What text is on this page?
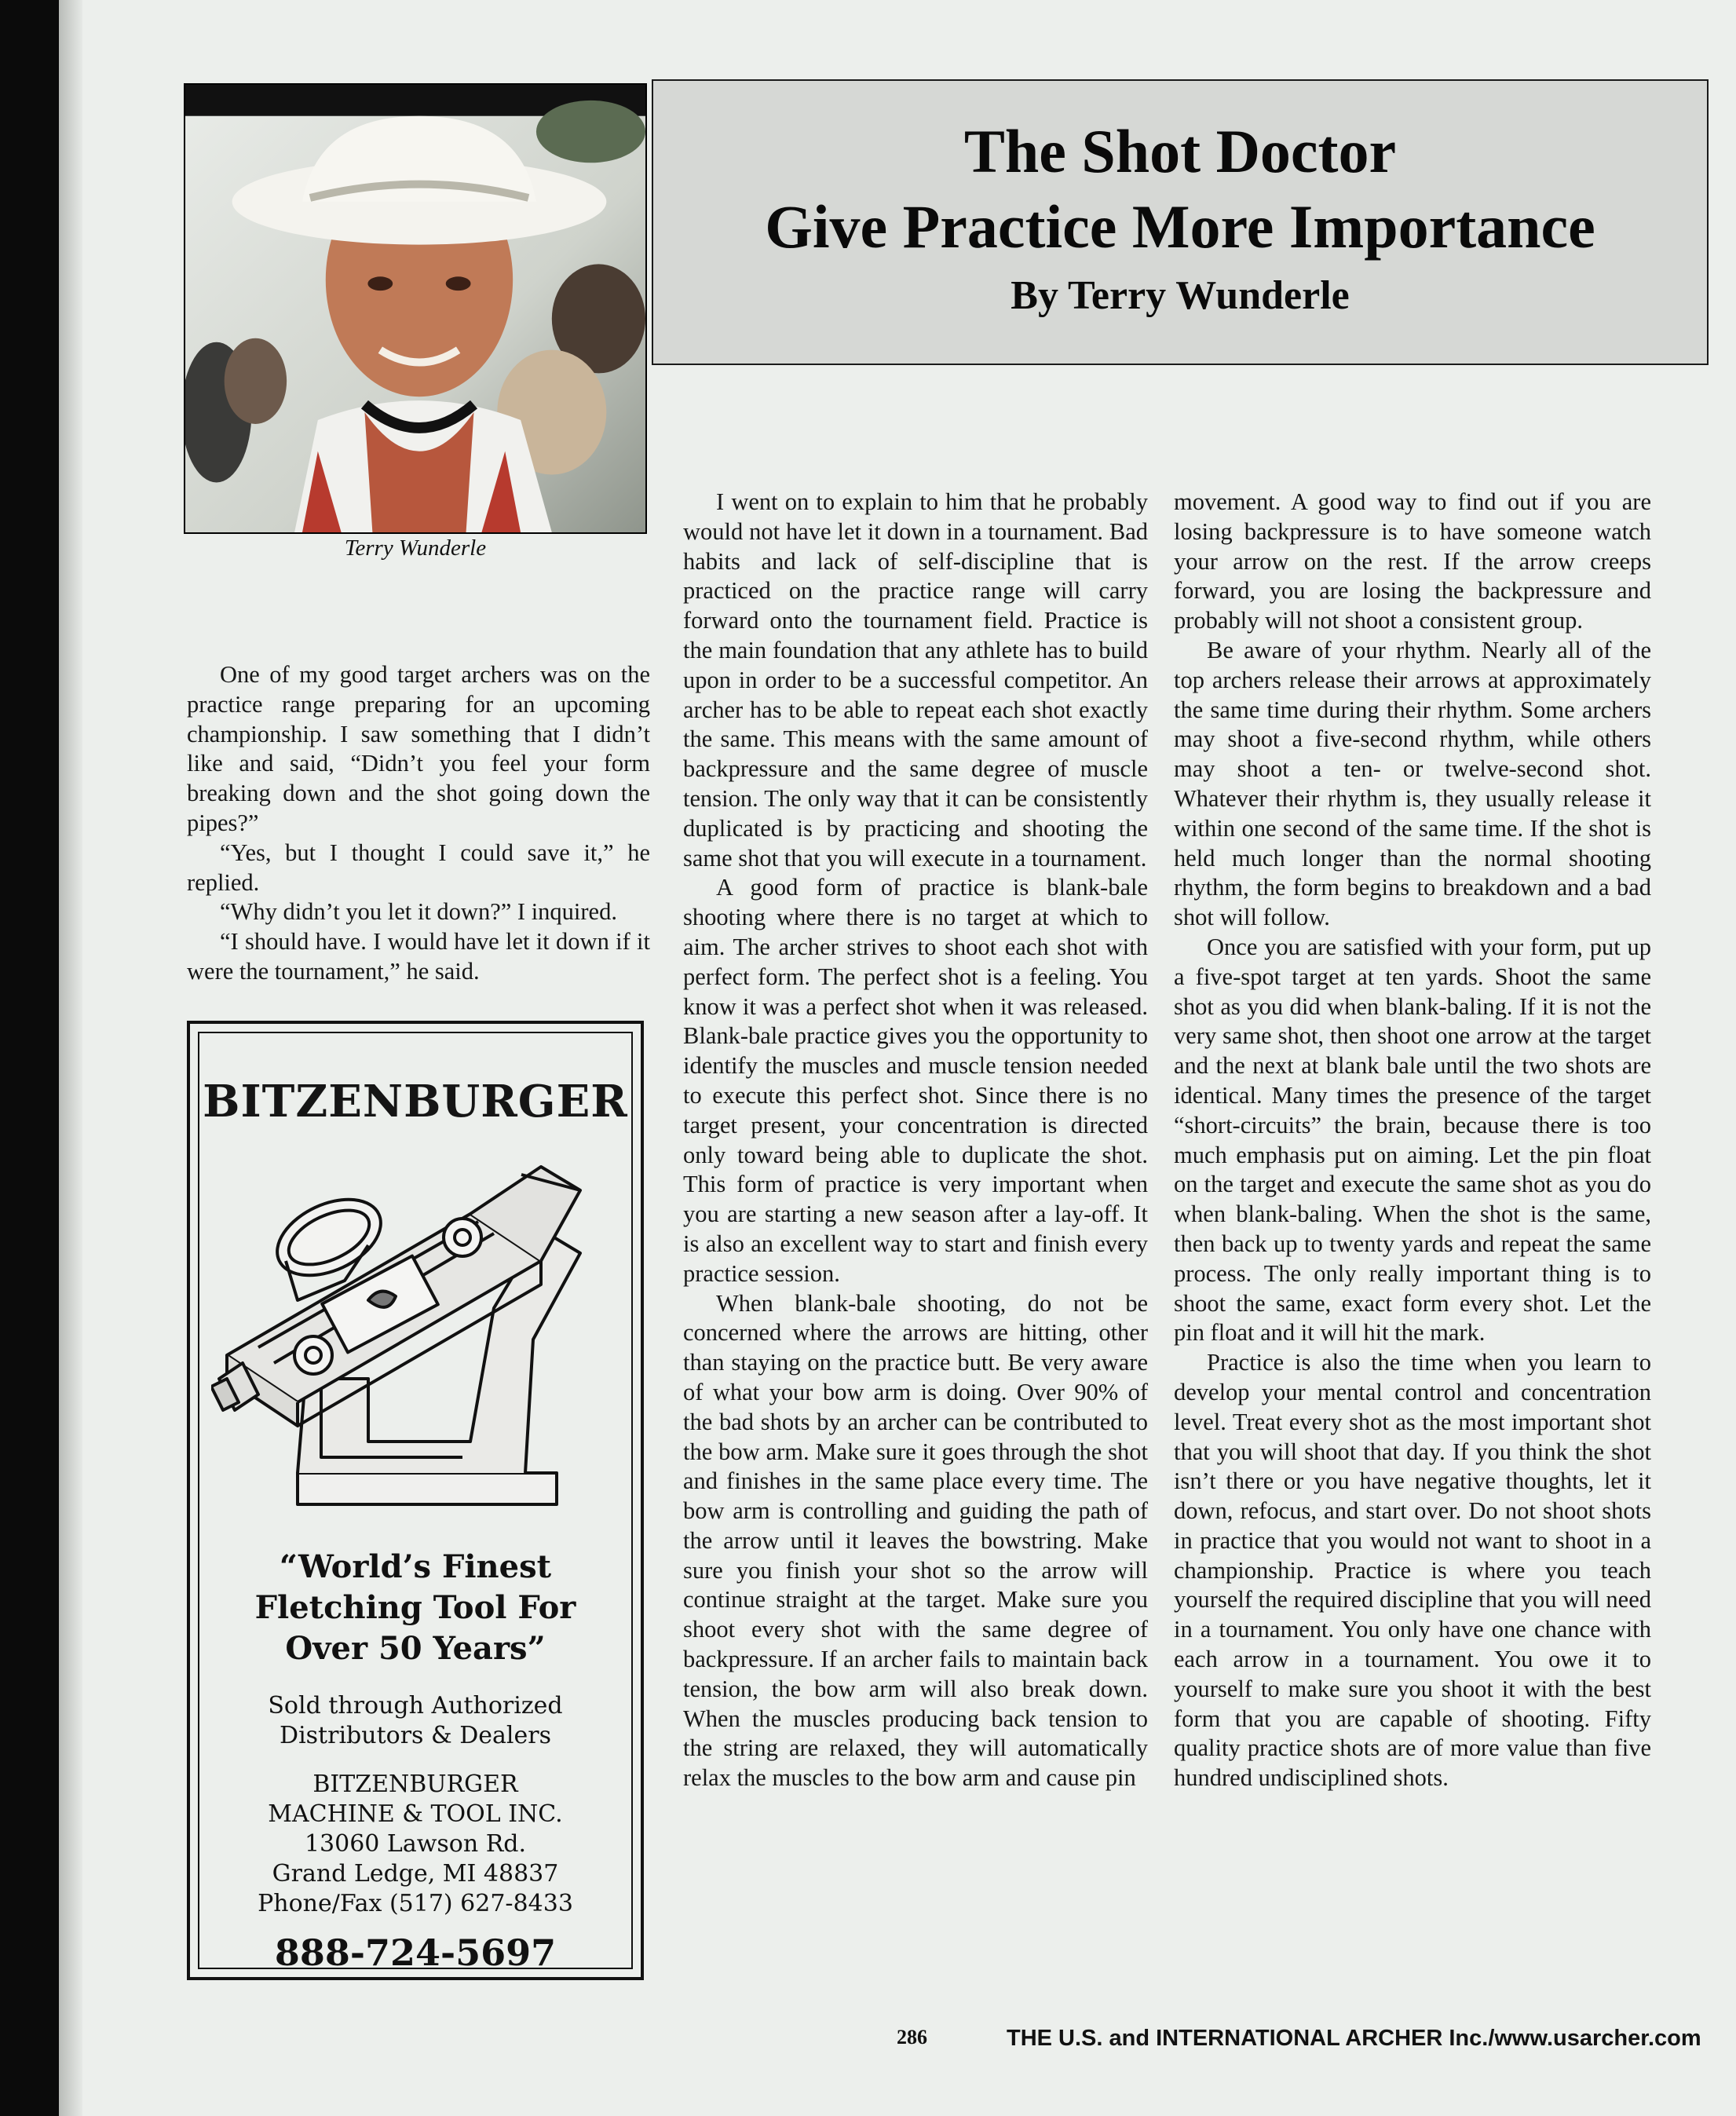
Terry Wunderle
The Shot Doctor
Give Practice More Importance
By Terry Wunderle

One of my good target archers was on the practice range preparing for an upcoming championship. I saw something that I didn’t like and said, “Didn’t you feel your form breaking down and the shot going down the pipes?”

“Yes, but I thought I could save it,” he replied.

“Why didn’t you let it down?” I inquired.

“I should have. I would have let it down if it were the tournament,” he said.

I went on to explain to him that he probably would not have let it down in a tournament. Bad habits and lack of self-discipline that is practiced on the practice range will carry forward onto the tournament field. Practice is the main foundation that any athlete has to build upon in order to be a successful competitor. An archer has to be able to repeat each shot exactly the same. This means with the same amount of backpressure and the same degree of muscle tension. The only way that it can be consistently duplicated is by practicing and shooting the same shot that you will execute in a tournament.

A good form of practice is blank-bale shooting where there is no target at which to aim. The archer strives to shoot each shot with perfect form. The perfect shot is a feeling. You know it was a perfect shot when it was released. Blank-bale practice gives you the opportunity to identify the muscles and muscle tension needed to execute this perfect shot. Since there is no target present, your concentration is directed only toward being able to duplicate the shot. This form of practice is very important when you are starting a new season after a lay-off. It is also an excellent way to start and finish every practice session.

When blank-bale shooting, do not be concerned where the arrows are hitting, other than staying on the practice butt. Be very aware of what your bow arm is doing. Over 90% of the bad shots by an archer can be contributed to the bow arm. Make sure it goes through the shot and finishes in the same place every time. The bow arm is controlling and guiding the path of the arrow until it leaves the bowstring. Make sure you finish your shot so the arrow will continue straight at the target. Make sure you shoot every shot with the same degree of backpressure. If an archer fails to maintain back tension, the bow arm will also break down. When the muscles producing back tension to the string are relaxed, they will automatically relax the muscles to the bow arm and cause pin

movement. A good way to find out if you are losing backpressure is to have someone watch your arrow on the rest. If the arrow creeps forward, you are losing the backpressure and probably will not shoot a consistent group.

Be aware of your rhythm. Nearly all of the top archers release their arrows at approximately the same time during their rhythm. Some archers may shoot a five-second rhythm, while others may shoot a ten- or twelve-second shot. Whatever their rhythm is, they usually release it within one second of the same time. If the shot is held much longer than the normal shooting rhythm, the form begins to breakdown and a bad shot will follow.

Once you are satisfied with your form, put up a five-spot target at ten yards. Shoot the same shot as you did when blank-baling. If it is not the very same shot, then shoot one arrow at the target and the next at blank bale until the two shots are identical. Many times the presence of the target “short-circuits” the brain, because there is too much emphasis put on aiming. Let the pin float on the target and execute the same shot as you do when blank-baling. When the shot is the same, then back up to twenty yards and repeat the same process. The only really important thing is to shoot the same, exact form every shot. Let the pin float and it will hit the mark.

Practice is also the time when you learn to develop your mental control and concentration level. Treat every shot as the most important shot that you will shoot that day. If you think the shot isn’t there or you have negative thoughts, let it down, refocus, and start over. Do not shoot shots in practice that you would not want to shoot in a championship. Practice is where you teach yourself the required discipline that you will need in a tournament. You only have one chance with each arrow in a tournament. You owe it to yourself to make sure you shoot it with the best form that you are capable of shooting. Fifty quality practice shots are of more value than five hundred undisciplined shots.

BITZENBURGER
“World’s Finest
Fletching Tool For
Over 50 Years”
Sold through Authorized
Distributors & Dealers
BITZENBURGER
MACHINE & TOOL INC.
13060 Lawson Rd.
Grand Ledge, MI 48837
Phone/Fax (517) 627-8433
888-724-5697
286	THE U.S. and INTERNATIONAL ARCHER Inc./www.usarcher.com
